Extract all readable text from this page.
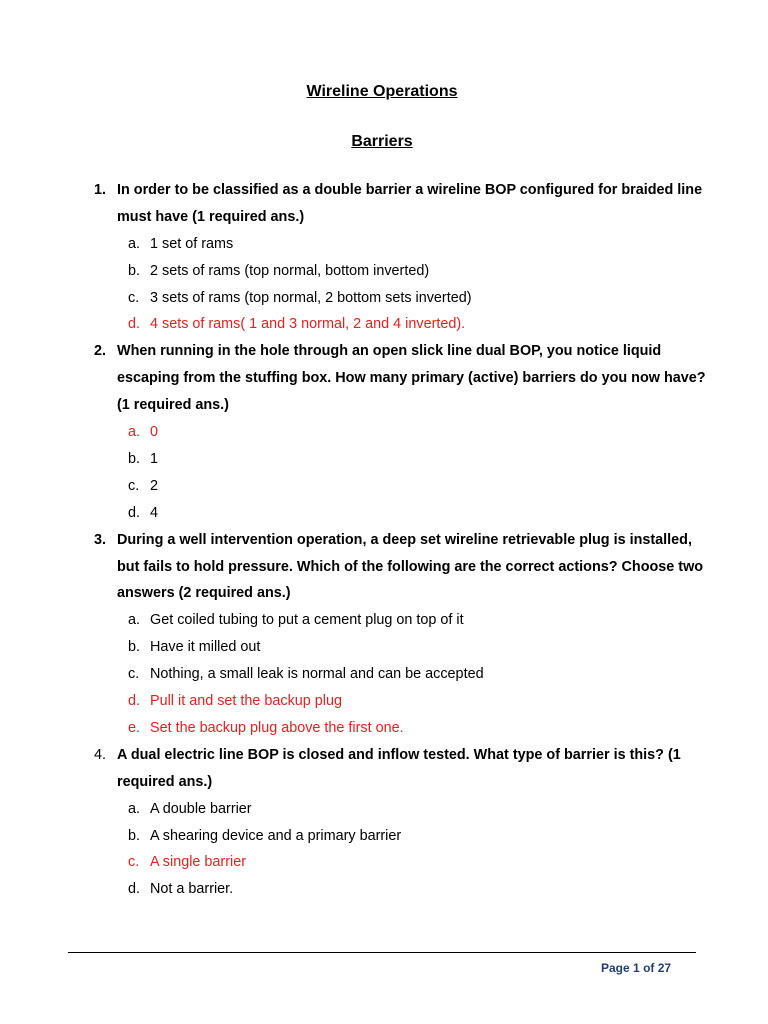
Wireline Operations
Barriers
1. In order to be classified as a double barrier a wireline BOP configured for braided line must have (1 required ans.)
a. 1 set of rams
b. 2 sets of rams (top normal, bottom inverted)
c. 3 sets of rams (top normal, 2 bottom sets inverted)
d. 4 sets of rams( 1 and 3 normal, 2 and 4 inverted).
2. When running in the hole through an open slick line dual BOP, you notice liquid escaping from the stuffing box. How many primary (active) barriers do you now have? (1 required ans.)
a. 0
b. 1
c. 2
d. 4
3. During a well intervention operation, a deep set wireline retrievable plug is installed, but fails to hold pressure. Which of the following are the correct actions? Choose two answers (2 required ans.)
a. Get coiled tubing to put a cement plug on top of it
b. Have it milled out
c. Nothing, a small leak is normal and can be accepted
d. Pull it and set the backup plug
e. Set the backup plug above the first one.
4. A dual electric line BOP is closed and inflow tested. What type of barrier is this? (1 required ans.)
a. A double barrier
b. A shearing device and a primary barrier
c. A single barrier
d. Not a barrier.
Page 1 of 27
